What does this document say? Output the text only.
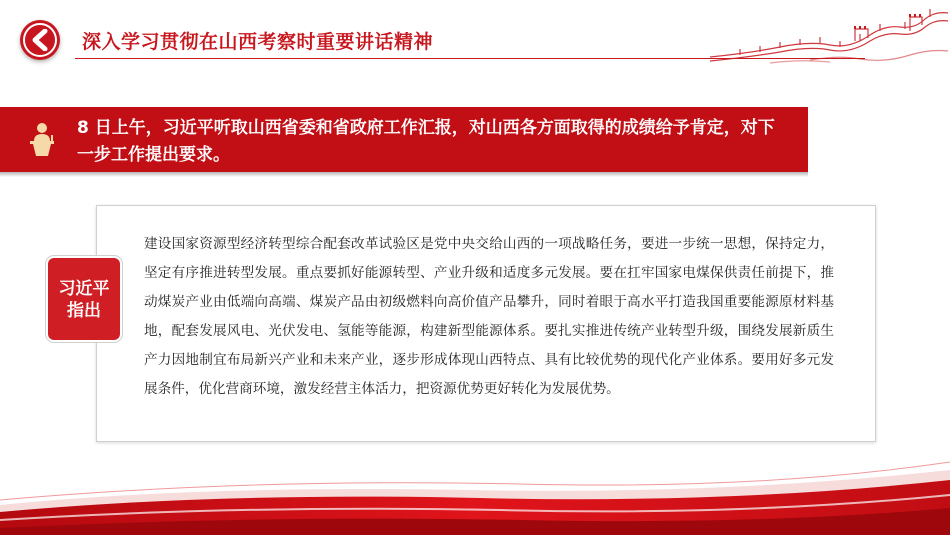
深入学习贯彻在山西考察时重要讲话精神
8 日上午，习近平听取山西省委和省政府工作汇报，对山西各方面取得的成绩给予肯定，对下一步工作提出要求。
习近平
指出
建设国家资源型经济转型综合配套改革试验区是党中央交给山西的一项战略任务，要进一步统一思想，保持定力，坚定有序推进转型发展。重点要抓好能源转型、产业升级和适度多元发展。要在扛牢国家电煤保供责任前提下，推动煤炭产业由低端向高端、煤炭产品由初级燃料向高价值产品攀升，同时着眼于高水平打造我国重要能源原材料基地，配套发展风电、光伏发电、氢能等能源，构建新型能源体系。要扎实推进传统产业转型升级，围绕发展新质生产力因地制宜布局新兴产业和未来产业，逐步形成体现山西特点、具有比较优势的现代化产业体系。要用好多元发展条件，优化营商环境，激发经营主体活力，把资源优势更好转化为发展优势。
